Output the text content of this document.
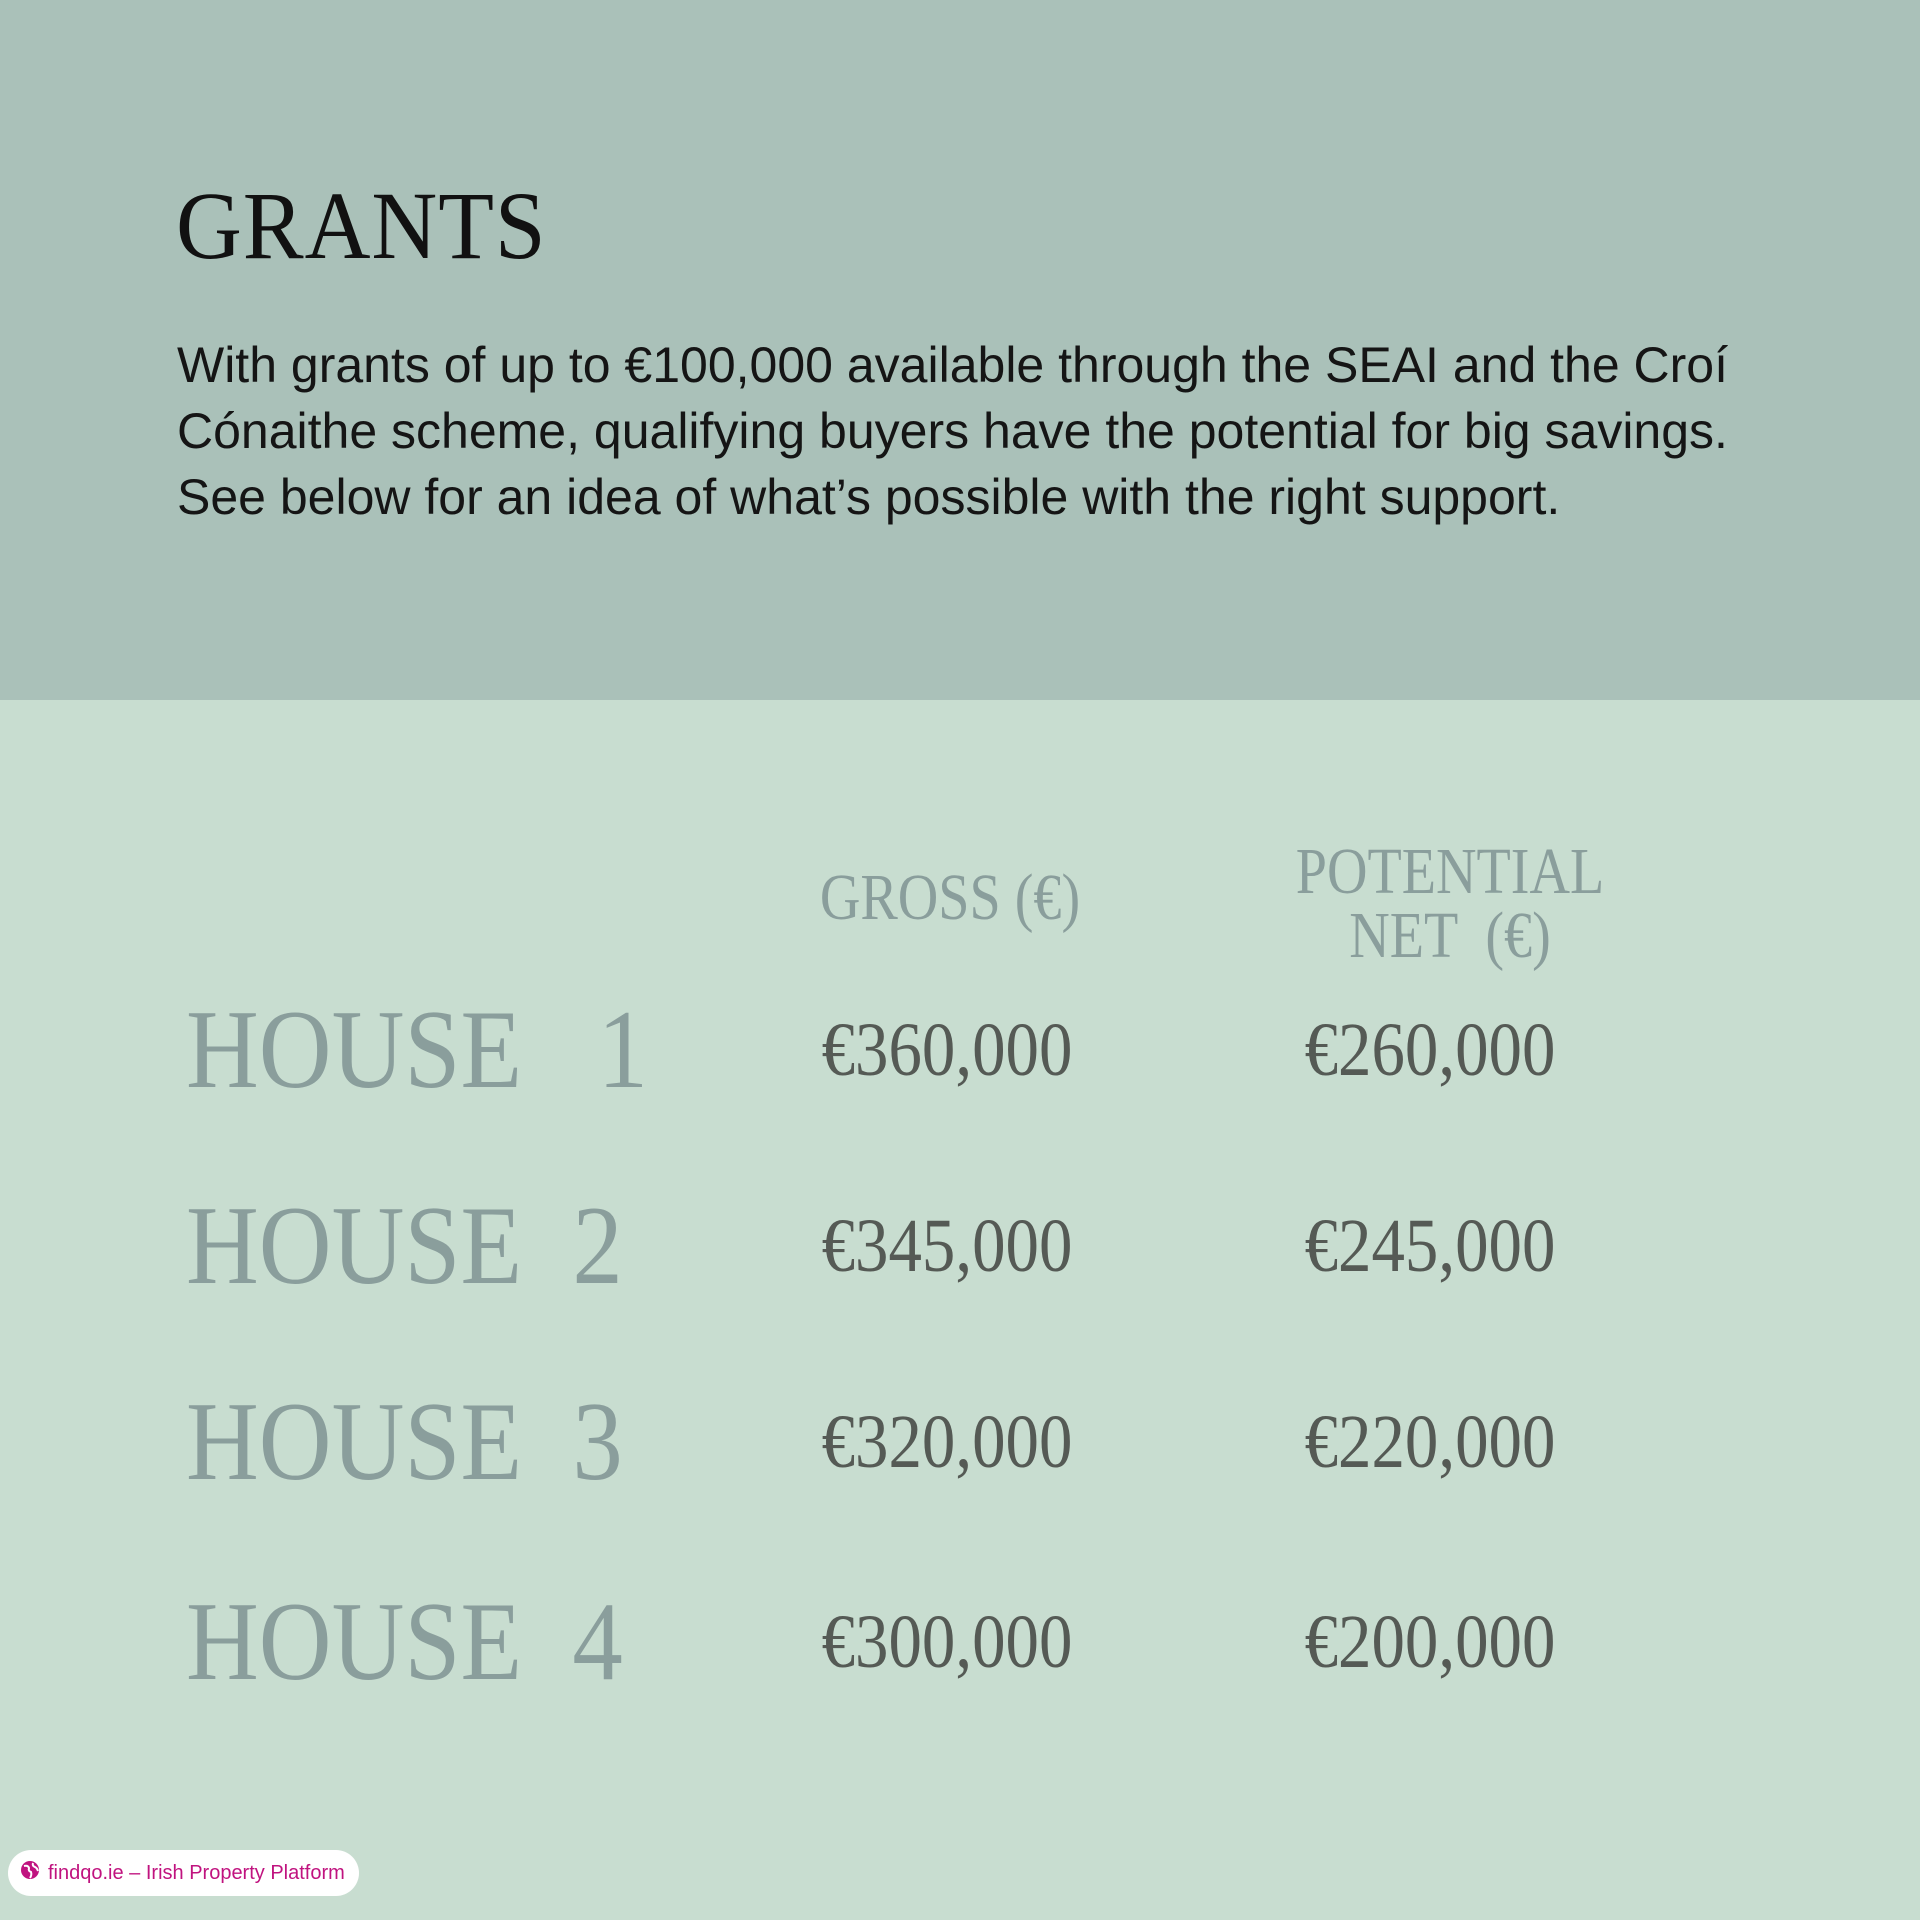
GRANTS
With grants of up to €100,000 available through the SEAI and the Croí Cónaithe scheme, qualifying buyers have the potential for big savings. See below for an idea of what’s possible with the right support.
GROSS (€)	POTENTIAL
NET  (€)
HOUSE   1	€360,000	€260,000
HOUSE  2	€345,000	€245,000
HOUSE  3	€320,000	€220,000
HOUSE  4	€300,000	€200,000
findqo.ie – Irish Property Platform
